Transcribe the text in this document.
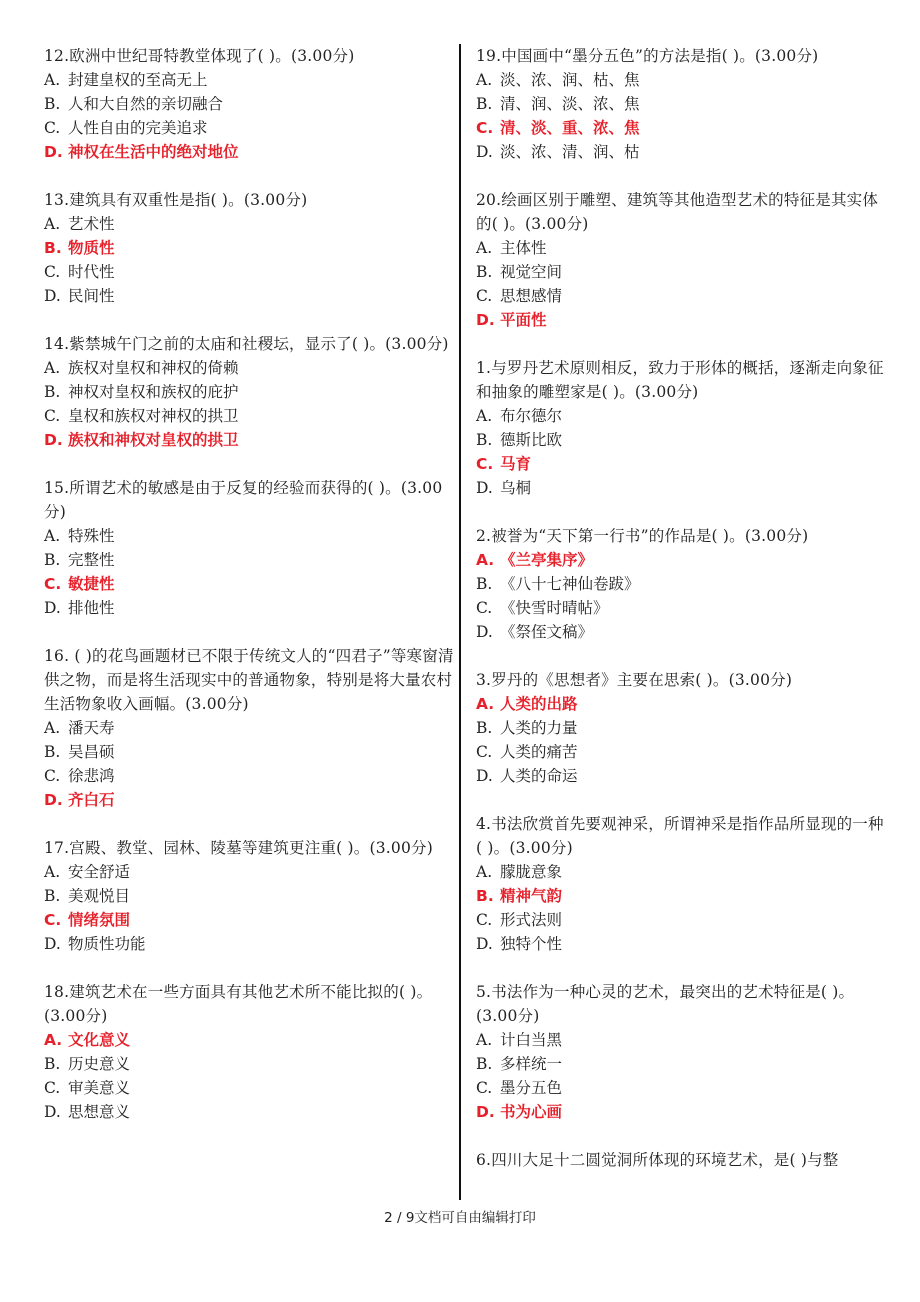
12.欧洲中世纪哥特教堂体现了( )。(3.00分)

A. 封建皇权的至高无上
B. 人和大自然的亲切融合
C. 人性自由的完美追求
D. 神权在生活中的绝对地位

13.建筑具有双重性是指( )。(3.00分)

A. 艺术性
B. 物质性
C. 时代性
D. 民间性

14.紫禁城午门之前的太庙和社稷坛，显示了( )。(3.00分)

A. 族权对皇权和神权的倚赖
B. 神权对皇权和族权的庇护
C. 皇权和族权对神权的拱卫
D. 族权和神权对皇权的拱卫

15.所谓艺术的敏感是由于反复的经验而获得的( )。(3.00分)

A. 特殊性
B. 完整性
C. 敏捷性
D. 排他性

16. ( )的花鸟画题材已不限于传统文人的“四君子”等寒窗清供之物，而是将生活现实中的普通物象，特别是将大量农村生活物象收入画幅。(3.00分)

A. 潘天寿
B. 吴昌硕
C. 徐悲鸿
D. 齐白石

17.宫殿、教堂、园林、陵墓等建筑更注重( )。(3.00分)

A. 安全舒适
B. 美观悦目
C. 情绪氛围
D. 物质性功能

18.建筑艺术在一些方面具有其他艺术所不能比拟的( )。(3.00分)

A. 文化意义
B. 历史意义
C. 审美意义
D. 思想意义

19.中国画中“墨分五色”的方法是指( )。(3.00分)

A. 淡、浓、润、枯、焦
B. 清、润、淡、浓、焦
C. 清、淡、重、浓、焦
D. 淡、浓、清、润、枯

20.绘画区别于雕塑、建筑等其他造型艺术的特征是其实体的( )。(3.00分)

A. 主体性
B. 视觉空间
C. 思想感情
D. 平面性

1.与罗丹艺术原则相反，致力于形体的概括，逐渐走向象征和抽象的雕塑家是( )。(3.00分)

A. 布尔德尔
B. 德斯比欧
C. 马育
D. 乌桐

2.被誉为“天下第一行书”的作品是( )。(3.00分)

A. 《兰亭集序》
B. 《八十七神仙卷跋》
C. 《快雪时晴帖》
D. 《祭侄文稿》

3.罗丹的《思想者》主要在思索( )。(3.00分)

A. 人类的出路
B. 人类的力量
C. 人类的痛苦
D. 人类的命运

4.书法欣赏首先要观神采，所谓神采是指作品所显现的一种( )。(3.00分)

A. 朦胧意象
B. 精神气韵
C. 形式法则
D. 独特个性

5.书法作为一种心灵的艺术，最突出的艺术特征是( )。(3.00分)

A. 计白当黑
B. 多样统一
C. 墨分五色
D. 书为心画

6.四川大足十二圆觉洞所体现的环境艺术，是( )与整

2 / 9文档可自由编辑打印
